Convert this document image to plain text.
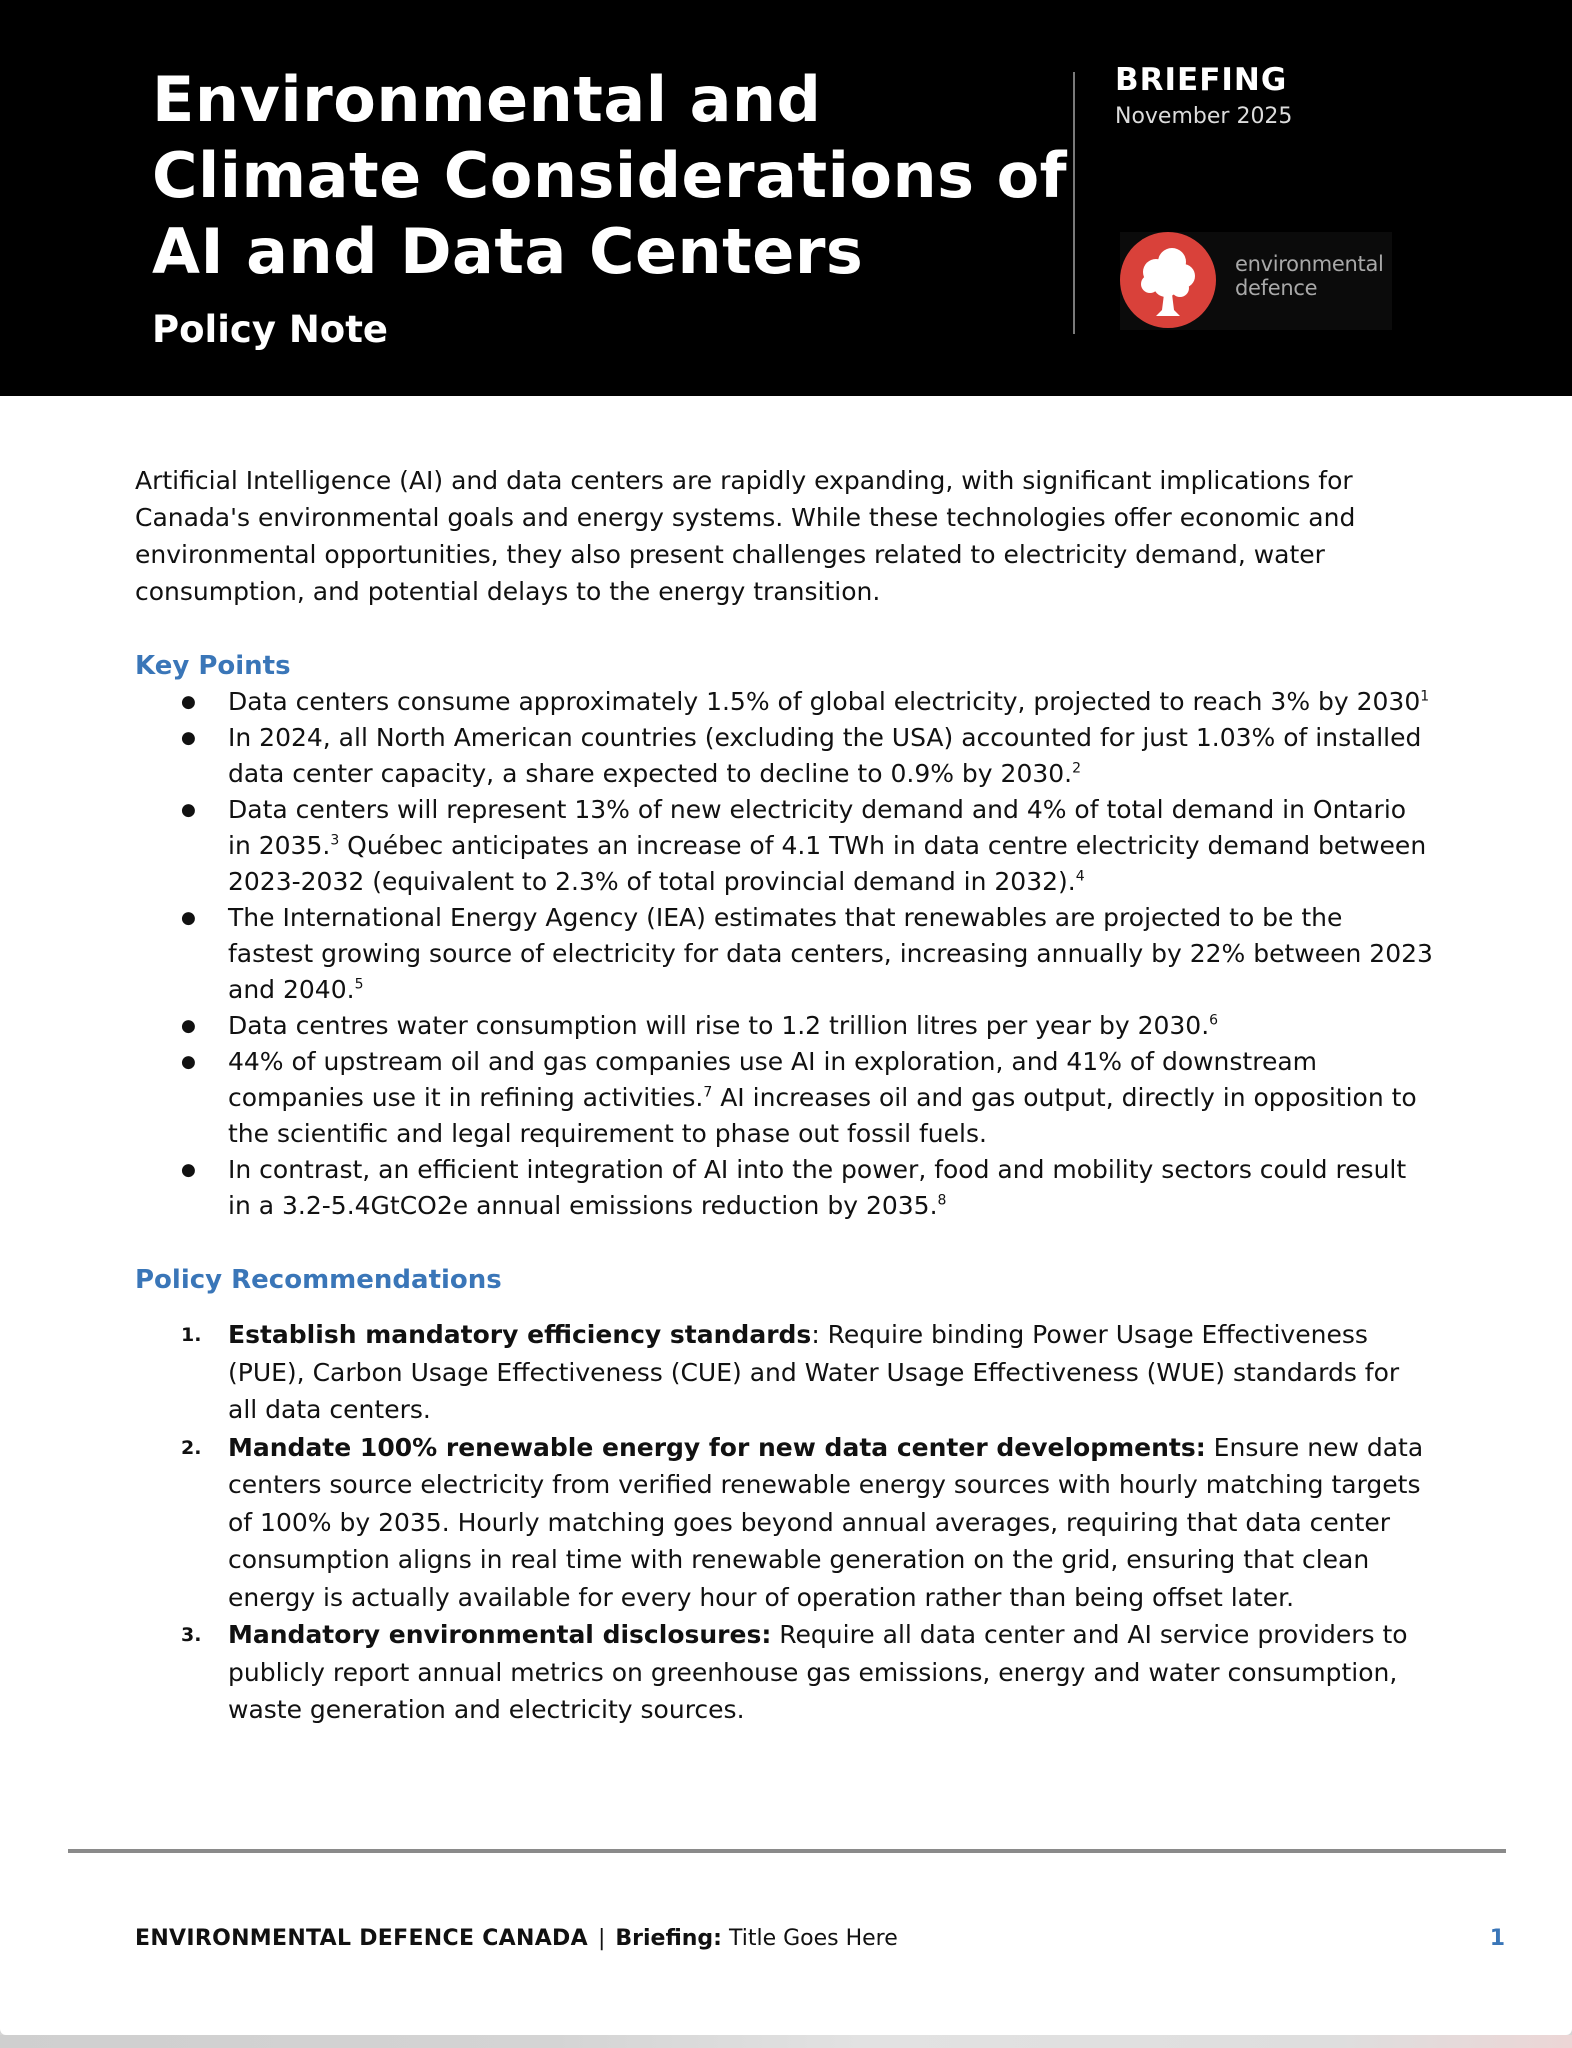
Environmental and
Climate Considerations of
AI and Data Centers
Policy Note
BRIEFING
November 2025
environmental
defence

Artificial Intelligence (AI) and data centers are rapidly expanding, with significant implications for Canada's environmental goals and energy systems. While these technologies offer economic and environmental opportunities, they also present challenges related to electricity demand, water consumption, and potential delays to the energy transition.

Key Points
● Data centers consume approximately 1.5% of global electricity, projected to reach 3% by 2030$^1$
● In 2024, all North American countries (excluding the USA) accounted for just 1.03% of installed data center capacity, a share expected to decline to 0.9% by 2030.$^2$
● Data centers will represent 13% of new electricity demand and 4% of total demand in Ontario in 2035.$^3$ Québec anticipates an increase of 4.1 TWh in data centre electricity demand between 2023-2032 (equivalent to 2.3% of total provincial demand in 2032).$^4$
● The International Energy Agency (IEA) estimates that renewables are projected to be the fastest growing source of electricity for data centers, increasing annually by 22% between 2023 and 2040.$^5$
● Data centres water consumption will rise to 1.2 trillion litres per year by 2030.$^6$
● 44% of upstream oil and gas companies use AI in exploration, and 41% of downstream companies use it in refining activities.$^7$ AI increases oil and gas output, directly in opposition to the scientific and legal requirement to phase out fossil fuels.
● In contrast, an efficient integration of AI into the power, food and mobility sectors could result in a 3.2-5.4GtCO2e annual emissions reduction by 2035.$^8$
Policy Recommendations
1. Establish mandatory efficiency standards: Require binding Power Usage Effectiveness (PUE), Carbon Usage Effectiveness (CUE) and Water Usage Effectiveness (WUE) standards for all data centers.
2. Mandate 100% renewable energy for new data center developments: Ensure new data centers source electricity from verified renewable energy sources with hourly matching targets of 100% by 2035. Hourly matching goes beyond annual averages, requiring that data center consumption aligns in real time with renewable generation on the grid, ensuring that clean energy is actually available for every hour of operation rather than being offset later.
3. Mandatory environmental disclosures: Require all data center and AI service providers to publicly report annual metrics on greenhouse gas emissions, energy and water consumption, waste generation and electricity sources.
ENVIRONMENTAL DEFENCE CANADA | Briefing: Title Goes Here	1
